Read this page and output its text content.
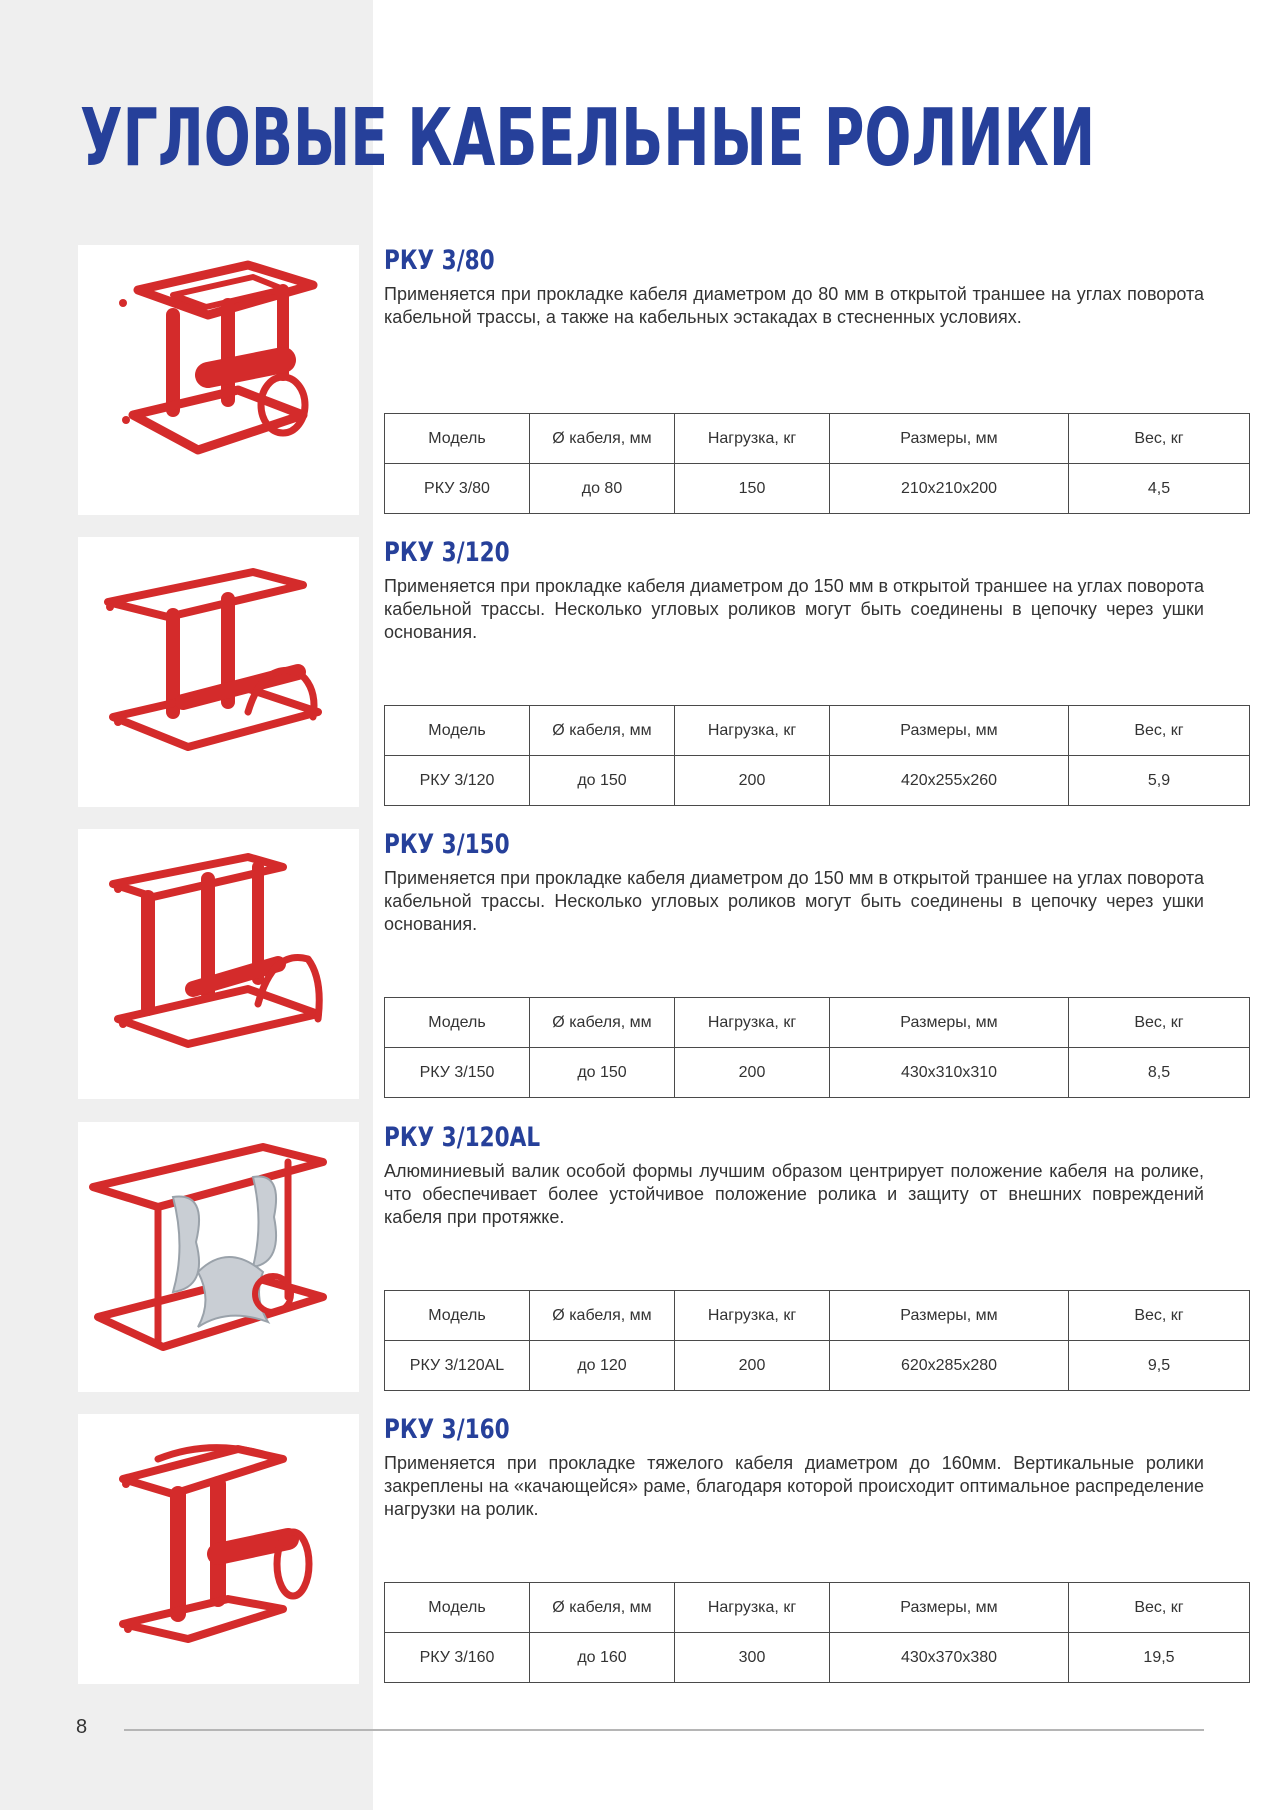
УГЛОВЫЕ КАБЕЛЬНЫЕ РОЛИКИ
РКУ 3/80

Применяется при прокладке кабеля диаметром до 80 мм в открытой траншее на углах поворота кабельной трассы, а также на кабельных эстакадах в стесненных условиях.

Модель	Ø кабеля, мм	Нагрузка, кг	Размеры, мм	Вес, кг
РКУ 3/80	до 80	150	210x210x200	4,5
РКУ 3/120

Применяется при прокладке кабеля диаметром до 150 мм в открытой траншее на углах поворота кабельной трассы. Несколько угловых роликов могут быть соединены в цепочку через ушки основания.

Модель	Ø кабеля, мм	Нагрузка, кг	Размеры, мм	Вес, кг
РКУ 3/120	до 150	200	420x255x260	5,9
РКУ 3/150

Применяется при прокладке кабеля диаметром до 150 мм в открытой траншее на углах поворота кабельной трассы. Несколько угловых роликов могут быть соединены в цепочку через ушки основания.

Модель	Ø кабеля, мм	Нагрузка, кг	Размеры, мм	Вес, кг
РКУ 3/150	до 150	200	430x310x310	8,5
РКУ 3/120AL

Алюминиевый валик особой формы лучшим образом центрирует положение кабеля на ролике, что обеспечивает более устойчивое положение ролика и защиту от внешних повреждений кабеля при протяжке.

Модель	Ø кабеля, мм	Нагрузка, кг	Размеры, мм	Вес, кг
РКУ 3/120AL	до 120	200	620x285x280	9,5
РКУ 3/160

Применяется при прокладке тяжелого кабеля диаметром до 160мм. Вертикальные ролики закреплены на «качающейся» раме, благодаря которой происходит оптимальное распределение нагрузки на ролик.

Модель	Ø кабеля, мм	Нагрузка, кг	Размеры, мм	Вес, кг
РКУ 3/160	до 160	300	430x370x380	19,5
8
